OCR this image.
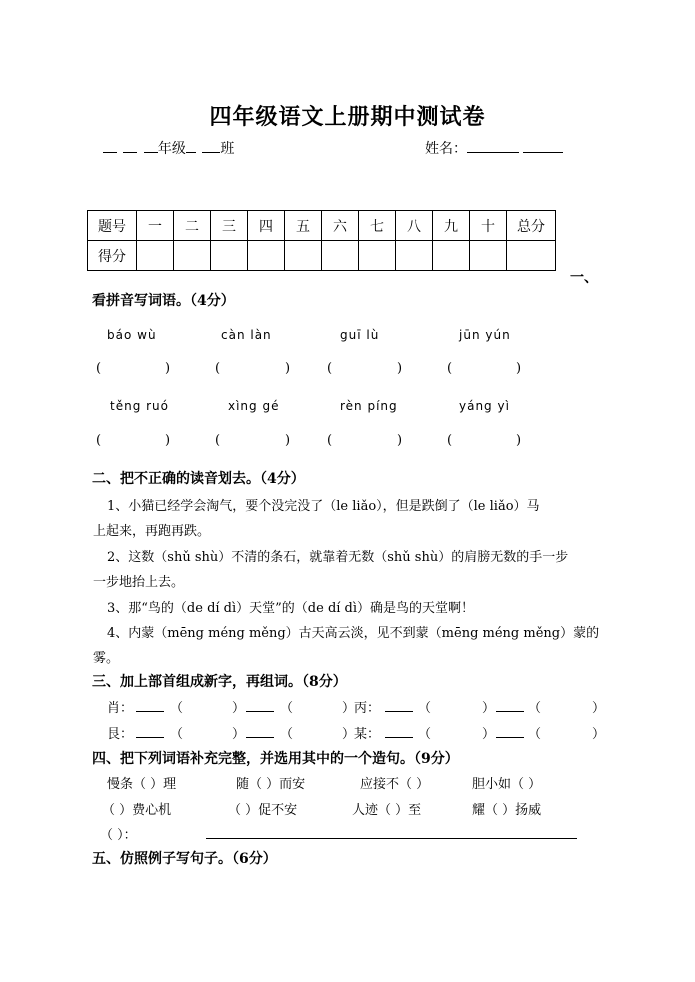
四年级语文上册期中测试卷
年级 班	姓名：
题号	一	二	三	四	五	六	七	八	九	十	总分
得分											
一、
看拼音写词语。（4分）
báo wù	càn làn	guī lù	jūn yún
(	)	(	)	(	)	(	)
těng ruó	xìng gé	rèn píng	yáng yì
(	)	(	)	(	)	(	)
二、把不正确的读音划去。（4分）
1、小猫已经学会淘气，要个没完没了（le liǎo），但是跌倒了（le liǎo）马
上起来，再跑再跌。
2、这数（shǔ shù）不清的条石，就靠着无数（shǔ shù）的肩膀无数的手一步
一步地抬上去。
3、那“鸟的（de dí dì）天堂”的（de dí dì）确是鸟的天堂啊！
4、内蒙（mēng méng měng）古天高云淡，见不到蒙（mēng méng měng）蒙的
雾。
三、加上部首组成新字，再组词。（8分）
肖：	（	）	（	）
丙：	（	）	（	）
艮：	（	）	（	）
某：	（	）	（	）
四、把下列词语补充完整，并选用其中的一个造句。（9分）
慢条（ ）理	随（ ）而安	应接不（ ）	胆小如（ ）
（ ）费心机	（ ）促不安	人迹（ ）至	耀（ ）扬威
（ ）：
五、仿照例子写句子。（6分）
